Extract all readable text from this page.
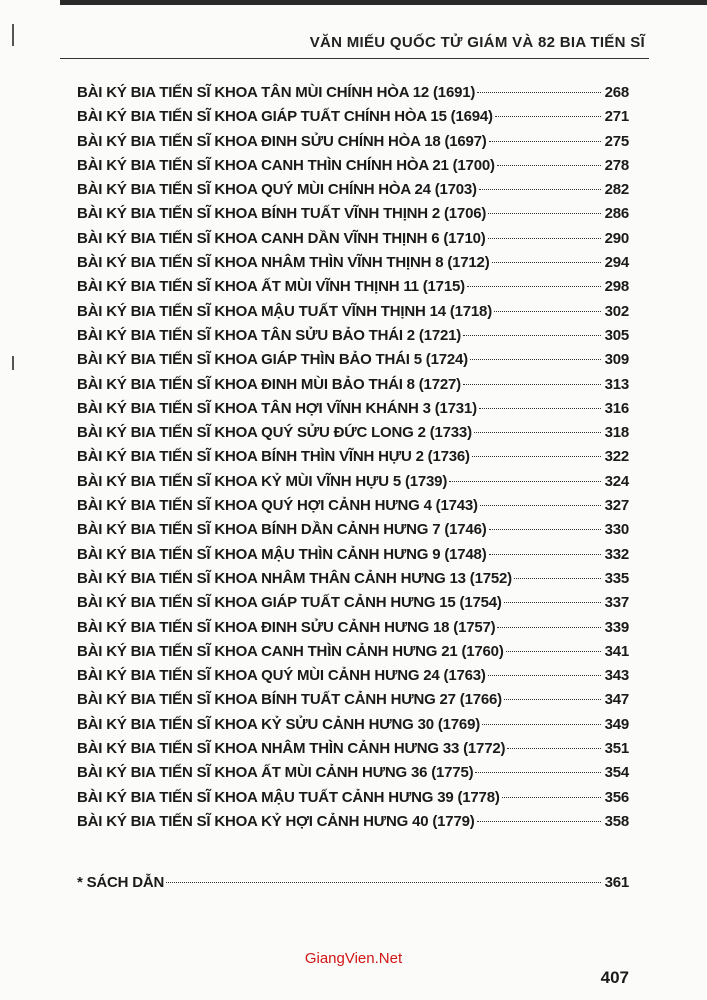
VĂN MIẾU QUỐC TỬ GIÁM VÀ 82 BIA TIẾN SĨ
BÀI KÝ BIA TIẾN SĨ KHOA TÂN MÙI CHÍNH HÒA 12 (1691)	268
BÀI KÝ BIA TIẾN SĨ KHOA GIÁP TUẤT CHÍNH HÒA 15 (1694)	271
BÀI KÝ BIA TIẾN SĨ KHOA ĐINH SỬU CHÍNH HÒA 18 (1697)	275
BÀI KÝ BIA TIẾN SĨ KHOA CANH THÌN CHÍNH HÒA 21 (1700)	278
BÀI KÝ BIA TIẾN SĨ KHOA QUÝ MÙI CHÍNH HÒA 24 (1703)	282
BÀI KÝ BIA TIẾN SĨ KHOA BÍNH TUẤT VĨNH THỊNH 2 (1706)	286
BÀI KÝ BIA TIẾN SĨ KHOA CANH DẦN VĨNH THỊNH 6 (1710)	290
BÀI KÝ BIA TIẾN SĨ KHOA NHÂM THÌN VĨNH THỊNH 8 (1712)	294
BÀI KÝ BIA TIẾN SĨ KHOA ẤT MÙI VĨNH THỊNH 11 (1715)	298
BÀI KÝ BIA TIẾN SĨ KHOA MẬU TUẤT VĨNH THỊNH 14 (1718)	302
BÀI KÝ BIA TIẾN SĨ KHOA TÂN SỬU BẢO THÁI 2 (1721)	305
BÀI KÝ BIA TIẾN SĨ KHOA GIÁP THÌN BẢO THÁI 5 (1724)	309
BÀI KÝ BIA TIẾN SĨ KHOA ĐINH MÙI BẢO THÁI 8 (1727)	313
BÀI KÝ BIA TIẾN SĨ KHOA TÂN HỢI VĨNH KHÁNH 3 (1731)	316
BÀI KÝ BIA TIẾN SĨ KHOA QUÝ SỬU ĐỨC LONG 2 (1733)	318
BÀI KÝ BIA TIẾN SĨ KHOA BÍNH THÌN VĨNH HỰU 2 (1736)	322
BÀI KÝ BIA TIẾN SĨ KHOA KỶ MÙI VĨNH HỰU 5 (1739)	324
BÀI KÝ BIA TIẾN SĨ KHOA QUÝ HỢI CẢNH HƯNG 4 (1743)	327
BÀI KÝ BIA TIẾN SĨ KHOA BÍNH DẦN CẢNH HƯNG 7 (1746)	330
BÀI KÝ BIA TIẾN SĨ KHOA MẬU THÌN CẢNH HƯNG 9 (1748)	332
BÀI KÝ BIA TIẾN SĨ KHOA NHÂM THÂN CẢNH HƯNG 13 (1752)	335
BÀI KÝ BIA TIẾN SĨ KHOA GIÁP TUẤT CẢNH HƯNG 15 (1754)	337
BÀI KÝ BIA TIẾN SĨ KHOA ĐINH SỬU CẢNH HƯNG 18 (1757)	339
BÀI KÝ BIA TIẾN SĨ KHOA CANH THÌN CẢNH HƯNG 21 (1760)	341
BÀI KÝ BIA TIẾN SĨ KHOA QUÝ MÙI CẢNH HƯNG 24 (1763)	343
BÀI KÝ BIA TIẾN SĨ KHOA BÍNH TUẤT CẢNH HƯNG 27 (1766)	347
BÀI KÝ BIA TIẾN SĨ KHOA KỶ SỬU CẢNH HƯNG 30 (1769)	349
BÀI KÝ BIA TIẾN SĨ KHOA NHÂM THÌN CẢNH HƯNG 33 (1772)	351
BÀI KÝ BIA TIẾN SĨ KHOA ẤT MÙI CẢNH HƯNG 36 (1775)	354
BÀI KÝ BIA TIẾN SĨ KHOA MẬU TUẤT CẢNH HƯNG 39 (1778)	356
BÀI KÝ BIA TIẾN SĨ KHOA KỶ HỢI CẢNH HƯNG 40 (1779)	358
* SÁCH DẪN	361
GiangVien.Net
407
